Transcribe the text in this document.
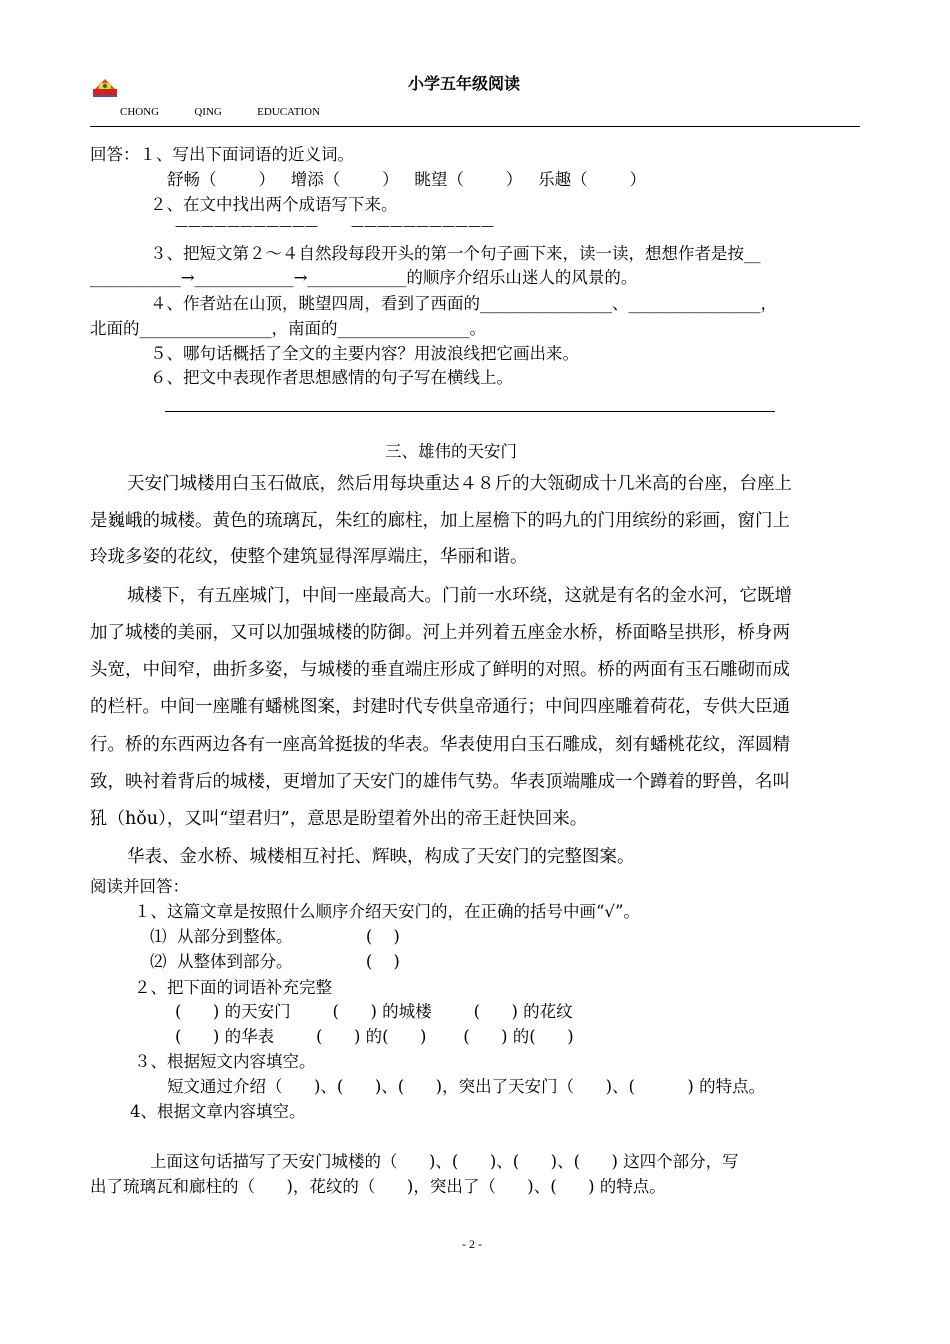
小学五年级阅读
CHONG   QING   EDUCATION
回答：１、写出下面词语的近义词。
舒畅（        ）   增添（        ）   眺望（        ）   乐趣（        ）
２、在文中找出两个成语写下来。
———————————        ———————————
３、把短文第２～４自然段每段开头的第一个句子画下来，读一读，想想作者是按__
___________→____________→____________的顺序介绍乐山迷人的风景的。
４、作者站在山顶，眺望四周，看到了西面的________________、________________，
北面的________________，南面的________________。
５、哪句话概括了全文的主要内容？用波浪线把它画出来。
６、把文中表现作者思想感情的句子写在横线上。
三、雄伟的天安门
天安门城楼用白玉石做底，然后用每块重达４８斤的大瓴砌成十几米高的台座，台座上
是巍峨的城楼。黄色的琉璃瓦，朱红的廊柱，加上屋檐下的吗九的门用缤纷的彩画，窗门上
玲珑多姿的花纹，使整个建筑显得浑厚端庄，华丽和谐。
城楼下，有五座城门，中间一座最高大。门前一水环绕，这就是有名的金水河，它既增
加了城楼的美丽，又可以加强城楼的防御。河上并列着五座金水桥，桥面略呈拱形，桥身两
头宽，中间窄，曲折多姿，与城楼的垂直端庄形成了鲜明的对照。桥的两面有玉石雕砌而成
的栏杆。中间一座雕有蟠桃图案，封建时代专供皇帝通行；中间四座雕着荷花，专供大臣通
行。桥的东西两边各有一座高耸挺拔的华表。华表使用白玉石雕成，刻有蟠桃花纹，浑圆精
致，映衬着背后的城楼，更增加了天安门的雄伟气势。华表顶端雕成一个蹲着的野兽，名叫
犼（hǒu），又叫“望君归”，意思是盼望着外出的帝王赶快回来。
华表、金水桥、城楼相互衬托、辉映，构成了天安门的完整图案。
阅读并回答：
１、这篇文章是按照什么顺序介绍天安门的，在正确的括号中画“√”。
⑴  从部分到整体。              (    )
⑵  从整体到部分。              (    )
２、把下面的词语补充完整
(      ) 的天安门        (      ) 的城楼        (      ) 的花纹
(      ) 的华表        (      ) 的(      )       (      ) 的(      )
３、根据短文内容填空。
短文通过介绍（      )、(      )、(      )，突出了天安门（      )、(          ) 的特点。
4、根据文章内容填空。
上面这句话描写了天安门城楼的（      )、(      )、(      )、(      ) 这四个部分，写
出了琉璃瓦和廊柱的（      )，花纹的（      )，突出了（      )、(      ) 的特点。
- 2 -
